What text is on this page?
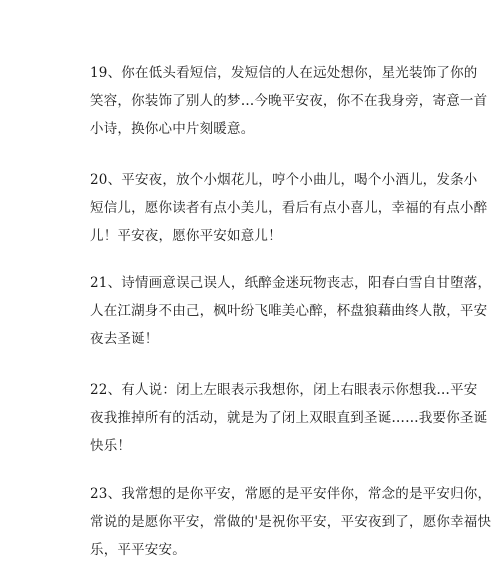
19、你在低头看短信，发短信的人在远处想你，星光装饰了你的
笑容，你装饰了别人的梦…今晚平安夜，你不在我身旁，寄意一首
小诗，换你心中片刻暖意。
20、平安夜，放个小烟花儿，哼个小曲儿，喝个小酒儿，发条小
短信儿，愿你读者有点小美儿，看后有点小喜儿，幸福的有点小醉
儿！平安夜，愿你平安如意儿！
21、诗情画意误己误人，纸醉金迷玩物丧志，阳春白雪自甘堕落，
人在江湖身不由己，枫叶纷飞唯美心醉，杯盘狼藉曲终人散，平安
夜去圣诞！
22、有人说：闭上左眼表示我想你，闭上右眼表示你想我…平安
夜我推掉所有的活动，就是为了闭上双眼直到圣诞……我要你圣诞
快乐！
23、我常想的是你平安，常愿的是平安伴你，常念的是平安归你，
常说的是愿你平安，常做的'是祝你平安，平安夜到了，愿你幸福快
乐，平平安安。
